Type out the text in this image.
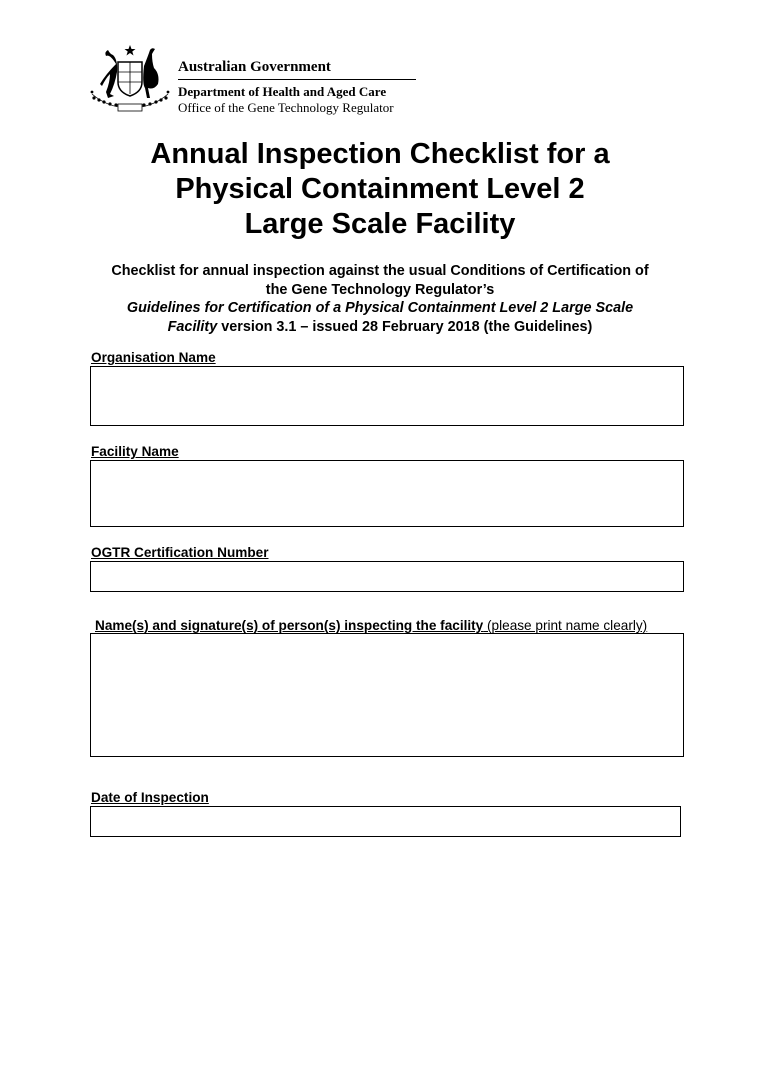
Australian Government
Department of Health and Aged Care
Office of the Gene Technology Regulator
Annual Inspection Checklist for a
Physical Containment Level 2
Large Scale Facility
Checklist for annual inspection against the usual Conditions of Certification of
the Gene Technology Regulator’s
Guidelines for Certification of a Physical Containment Level 2 Large Scale
Facility version 3.1 – issued 28 February 2018 (the Guidelines)
Organisation Name
Facility Name
OGTR Certification Number
Name(s) and signature(s) of person(s) inspecting the facility (please print name clearly)
Date of Inspection
